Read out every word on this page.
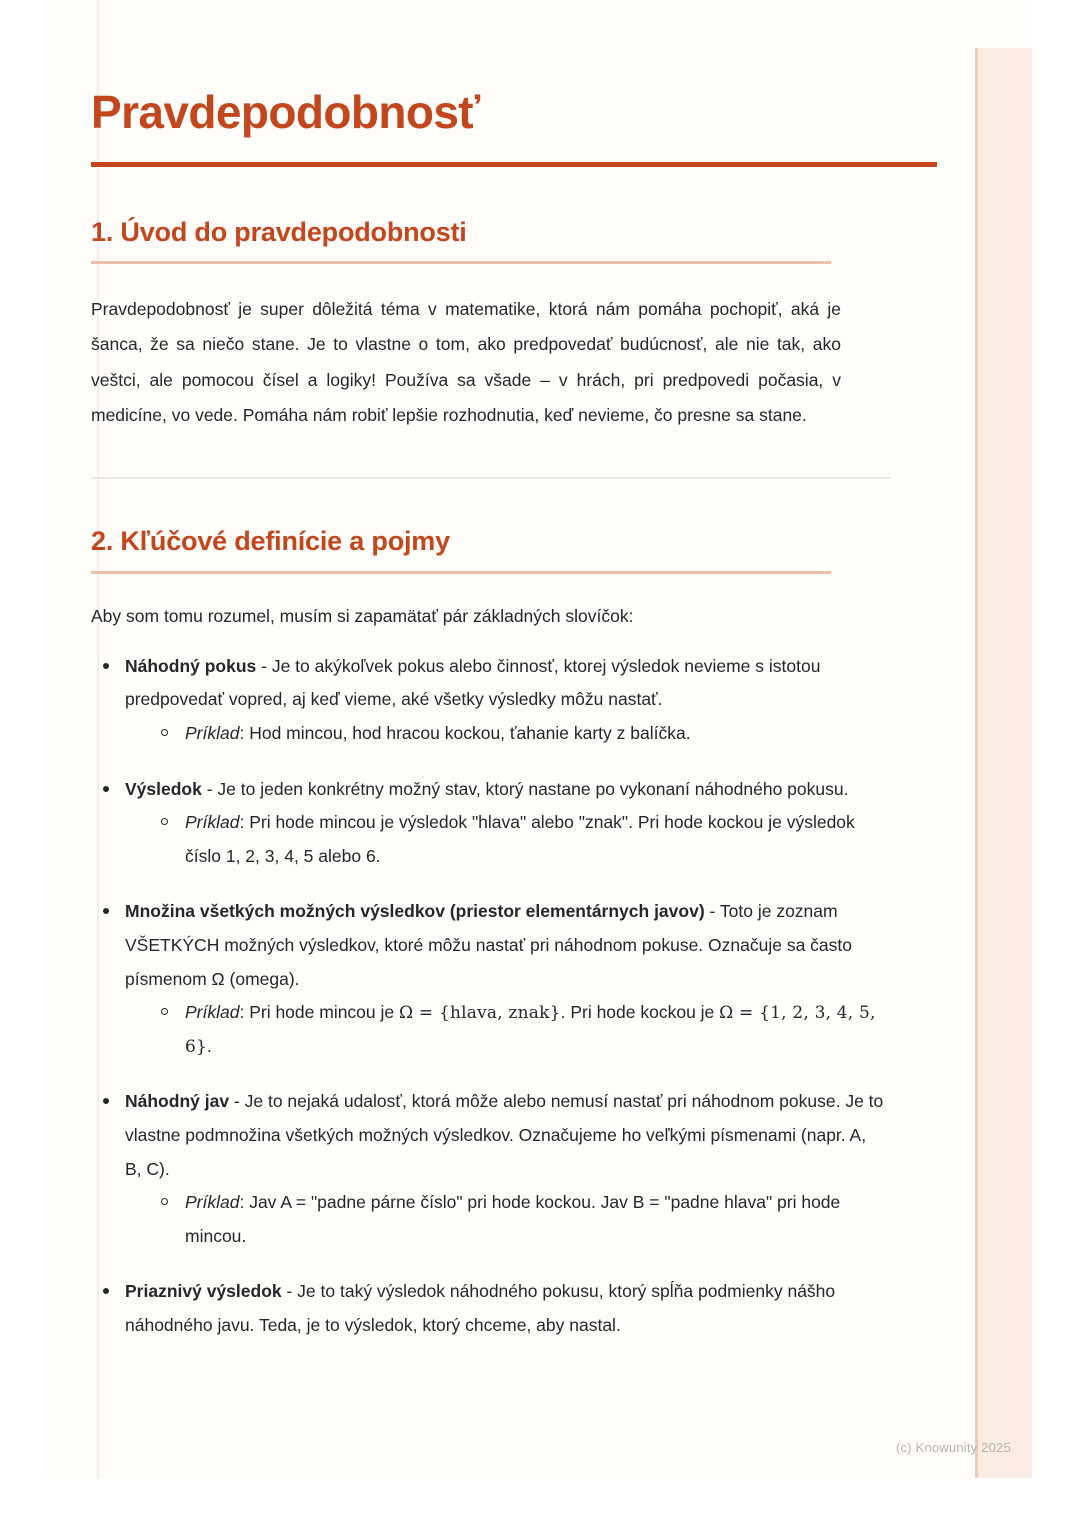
Pravdepodobnosť
1. Úvod do pravdepodobnosti

Pravdepodobnosť je super dôležitá téma v matematike, ktorá nám pomáha pochopiť, aká je šanca, že sa niečo stane. Je to vlastne o tom, ako predpovedať budúcnosť, ale nie tak, ako veštci, ale pomocou čísel a logiky! Používa sa všade – v hrách, pri predpovedi počasia, v medicíne, vo vede. Pomáha nám robiť lepšie rozhodnutia, keď nevieme, čo presne sa stane.

2. Kľúčové definície a pojmy

Aby som tomu rozumel, musím si zapamätať pár základných slovíčok:

Náhodný pokus - Je to akýkoľvek pokus alebo činnosť, ktorej výsledok nevieme s istotou predpovedať vopred, aj keď vieme, aké všetky výsledky môžu nastať.
Príklad: Hod mincou, hod hracou kockou, ťahanie karty z balíčka.
Výsledok - Je to jeden konkrétny možný stav, ktorý nastane po vykonaní náhodného pokusu.
Príklad: Pri hode mincou je výsledok "hlava" alebo "znak". Pri hode kockou je výsledok číslo 1, 2, 3, 4, 5 alebo 6.
Množina všetkých možných výsledkov (priestor elementárnych javov) - Toto je zoznam VŠETKÝCH možných výsledkov, ktoré môžu nastať pri náhodnom pokuse. Označuje sa často písmenom Ω (omega).
Príklad: Pri hode mincou je Ω = {hlava, znak}. Pri hode kockou je Ω = {1, 2, 3, 4, 5, 6}.
Náhodný jav - Je to nejaká udalosť, ktorá môže alebo nemusí nastať pri náhodnom pokuse. Je to vlastne podmnožina všetkých možných výsledkov. Označujeme ho veľkými písmenami (napr. A, B, C).
Príklad: Jav A = "padne párne číslo" pri hode kockou. Jav B = "padne hlava" pri hode mincou.
Priaznivý výsledok - Je to taký výsledok náhodného pokusu, ktorý spĺňa podmienky nášho náhodného javu. Teda, je to výsledok, ktorý chceme, aby nastal.
(c) Knowunity 2025
